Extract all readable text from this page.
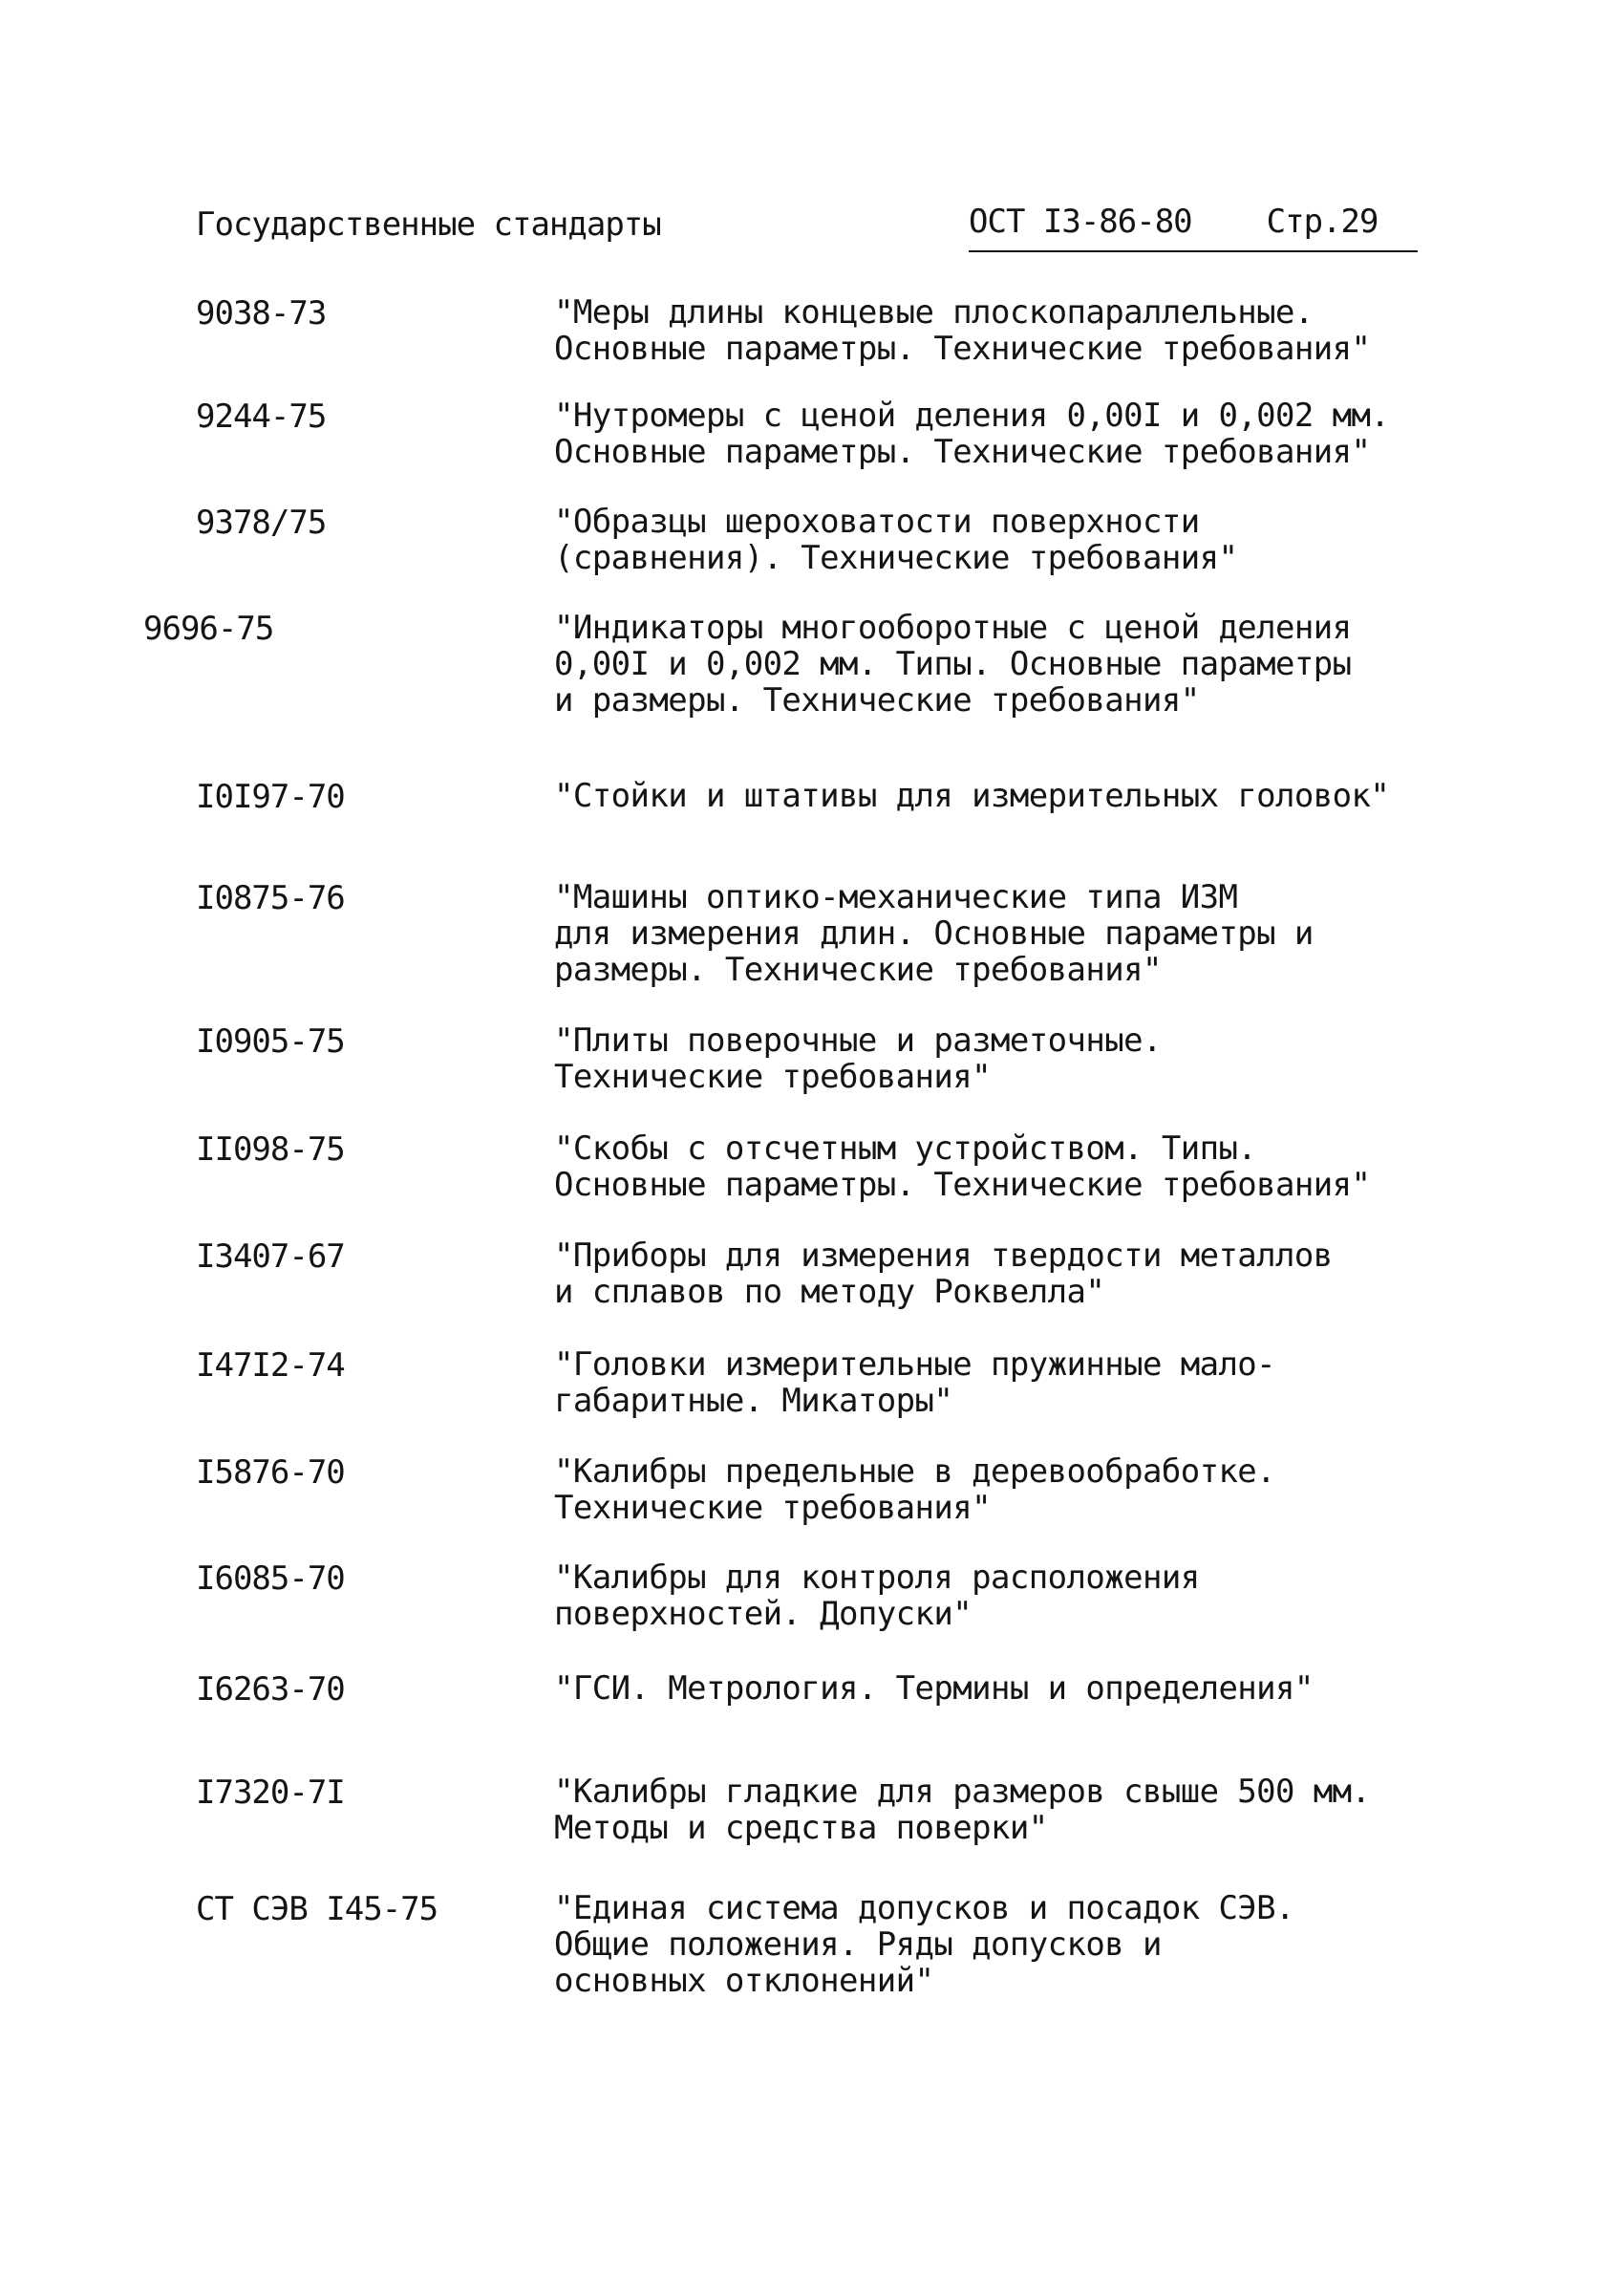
Государственные стандарты	ОСТ I3-86-80 Стр.29
9038-73	"Меры длины концевые плоскопараллельные.
Основные параметры. Технические требования"
9244-75	"Нутромеры с ценой деления 0,00I и 0,002 мм.
Основные параметры. Технические требования"
9378/75	"Образцы шероховатости поверхности
(сравнения). Технические требования"
9696-75	"Индикаторы многооборотные с ценой деления
0,00I и 0,002 мм. Типы. Основные параметры
и размеры. Технические требования"
I0I97-70	"Стойки и штативы для измерительных головок"
I0875-76	"Машины оптико-механические типа ИЗМ
для измерения длин. Основные параметры и
размеры. Технические требования"
I0905-75	"Плиты поверочные и разметочные.
Технические требования"
II098-75	"Скобы с отсчетным устройством. Типы.
Основные параметры. Технические требования"
I3407-67	"Приборы для измерения твердости металлов
и сплавов по методу Роквелла"
I47I2-74	"Головки измерительные пружинные мало-
габаритные. Микаторы"
I5876-70	"Калибры предельные в деревообработке.
Технические требования"
I6085-70	"Калибры для контроля расположения
поверхностей. Допуски"
I6263-70	"ГСИ. Метрология. Термины и определения"
I7320-7I	"Калибры гладкие для размеров свыше 500 мм.
Методы и средства поверки"
СТ СЭВ I45-75	"Единая система допусков и посадок СЭВ.
Общие положения. Ряды допусков и
основных отклонений"
